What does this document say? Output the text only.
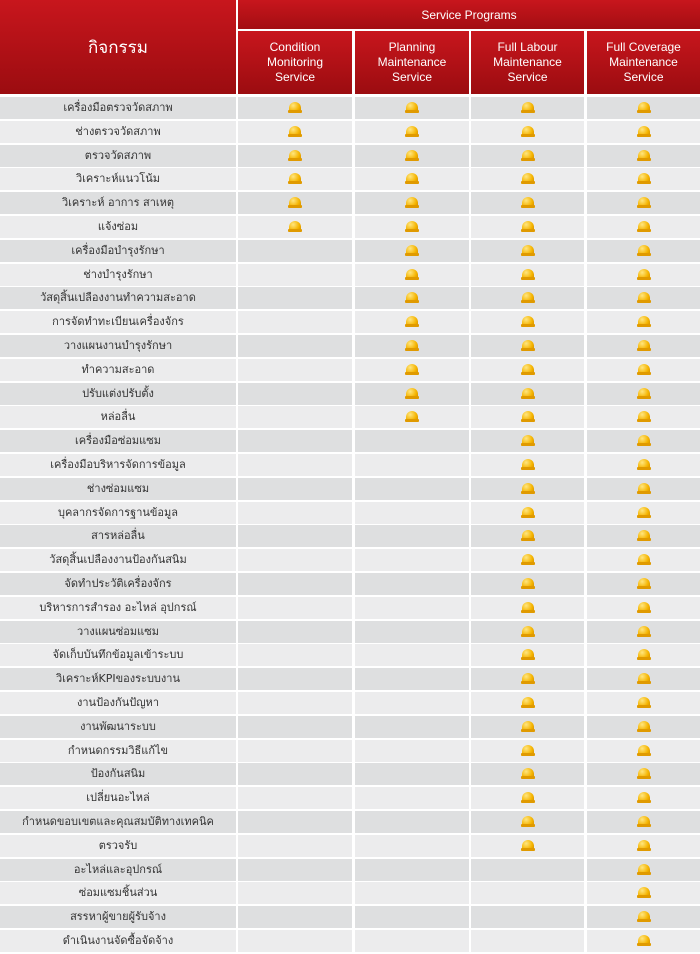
กิจกรรม
Service Programs
Condition
Monitoring
Service
Planning
Maintenance
Service
Full Labour
Maintenance
Service
Full Coverage
Maintenance
Service
เครื่องมือตรวจวัดสภาพ
ช่างตรวจวัดสภาพ
ตรวจวัดสภาพ
วิเคราะห์แนวโน้ม
วิเคราะห์ อาการ สาเหตุ
แจ้งซ่อม
เครื่องมือบำรุงรักษา
ช่างบำรุงรักษา
วัสดุสิ้นเปลืองงานทำความสะอาด
การจัดทำทะเบียนเครื่องจักร
วางแผนงานบำรุงรักษา
ทำความสะอาด
ปรับแต่งปรับตั้ง
หล่อลื่น
เครื่องมือซ่อมแซม
เครื่องมือบริหารจัดการข้อมูล
ช่างซ่อมแซม
บุคลากรจัดการฐานข้อมูล
สารหล่อลื่น
วัสดุสิ้นเปลืองงานป้องกันสนิม
จัดทำประวัติเครื่องจักร
บริหารการสำรอง อะไหล่ อุปกรณ์
วางแผนซ่อมแซม
จัดเก็บบันทึกข้อมูลเข้าระบบ
วิเคราะห์KPIของระบบงาน
งานป้องกันปัญหา
งานพัฒนาระบบ
กำหนดกรรมวิธีแก้ไข
ป้องกันสนิม
เปลี่ยนอะไหล่
กำหนดขอบเขตและคุณสมบัติทางเทคนิค
ตรวจรับ
อะไหล่และอุปกรณ์
ซ่อมแซมชิ้นส่วน
สรรหาผู้ขายผู้รับจ้าง
ดำเนินงานจัดซื้อจัดจ้าง
